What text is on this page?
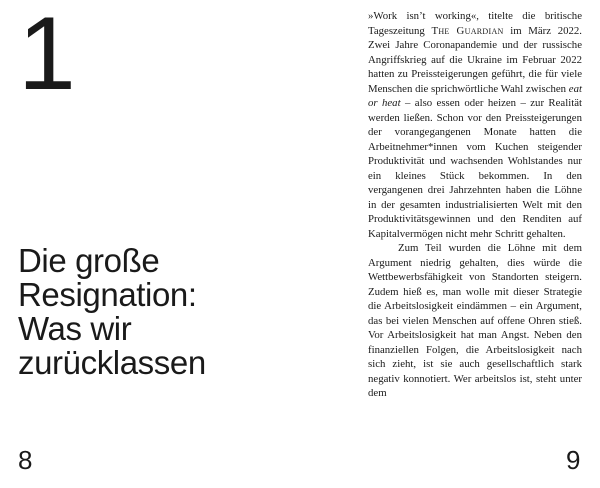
1
Die große
Resignation:
Was wir
zurücklassen
8

»Work isn’t working«, titelte die britische Tageszeitung The Guardian im März 2022. Zwei Jahre Coronapandemie und der russische Angriffskrieg auf die Ukraine im Februar 2022 hatten zu Preissteigerungen geführt, die für viele Menschen die sprichwörtliche Wahl zwischen eat or heat – also essen oder heizen – zur Realität werden ließen. Schon vor den Preissteigerungen der vorangegangenen Monate hatten die Arbeitnehmer*innen vom Kuchen steigender Produktivität und wachsenden Wohlstandes nur ein kleines Stück bekommen. In den vergangenen drei Jahrzehnten haben die Löhne in der gesamten industrialisierten Welt mit den Produktivitätsgewinnen und den Renditen auf Kapitalvermögen nicht mehr Schritt gehalten.

Zum Teil wurden die Löhne mit dem Argument niedrig gehalten, dies würde die Wettbewerbsfähigkeit von Standorten steigern. Zudem hieß es, man wolle mit dieser Strategie die Arbeitslosigkeit eindämmen – ein Argument, das bei vielen Menschen auf offene Ohren stieß. Vor Arbeitslosigkeit hat man Angst. Neben den finanziellen Folgen, die Arbeitslosigkeit nach sich zieht, ist sie auch gesellschaftlich stark negativ konnotiert. Wer arbeitslos ist, steht unter dem

9
